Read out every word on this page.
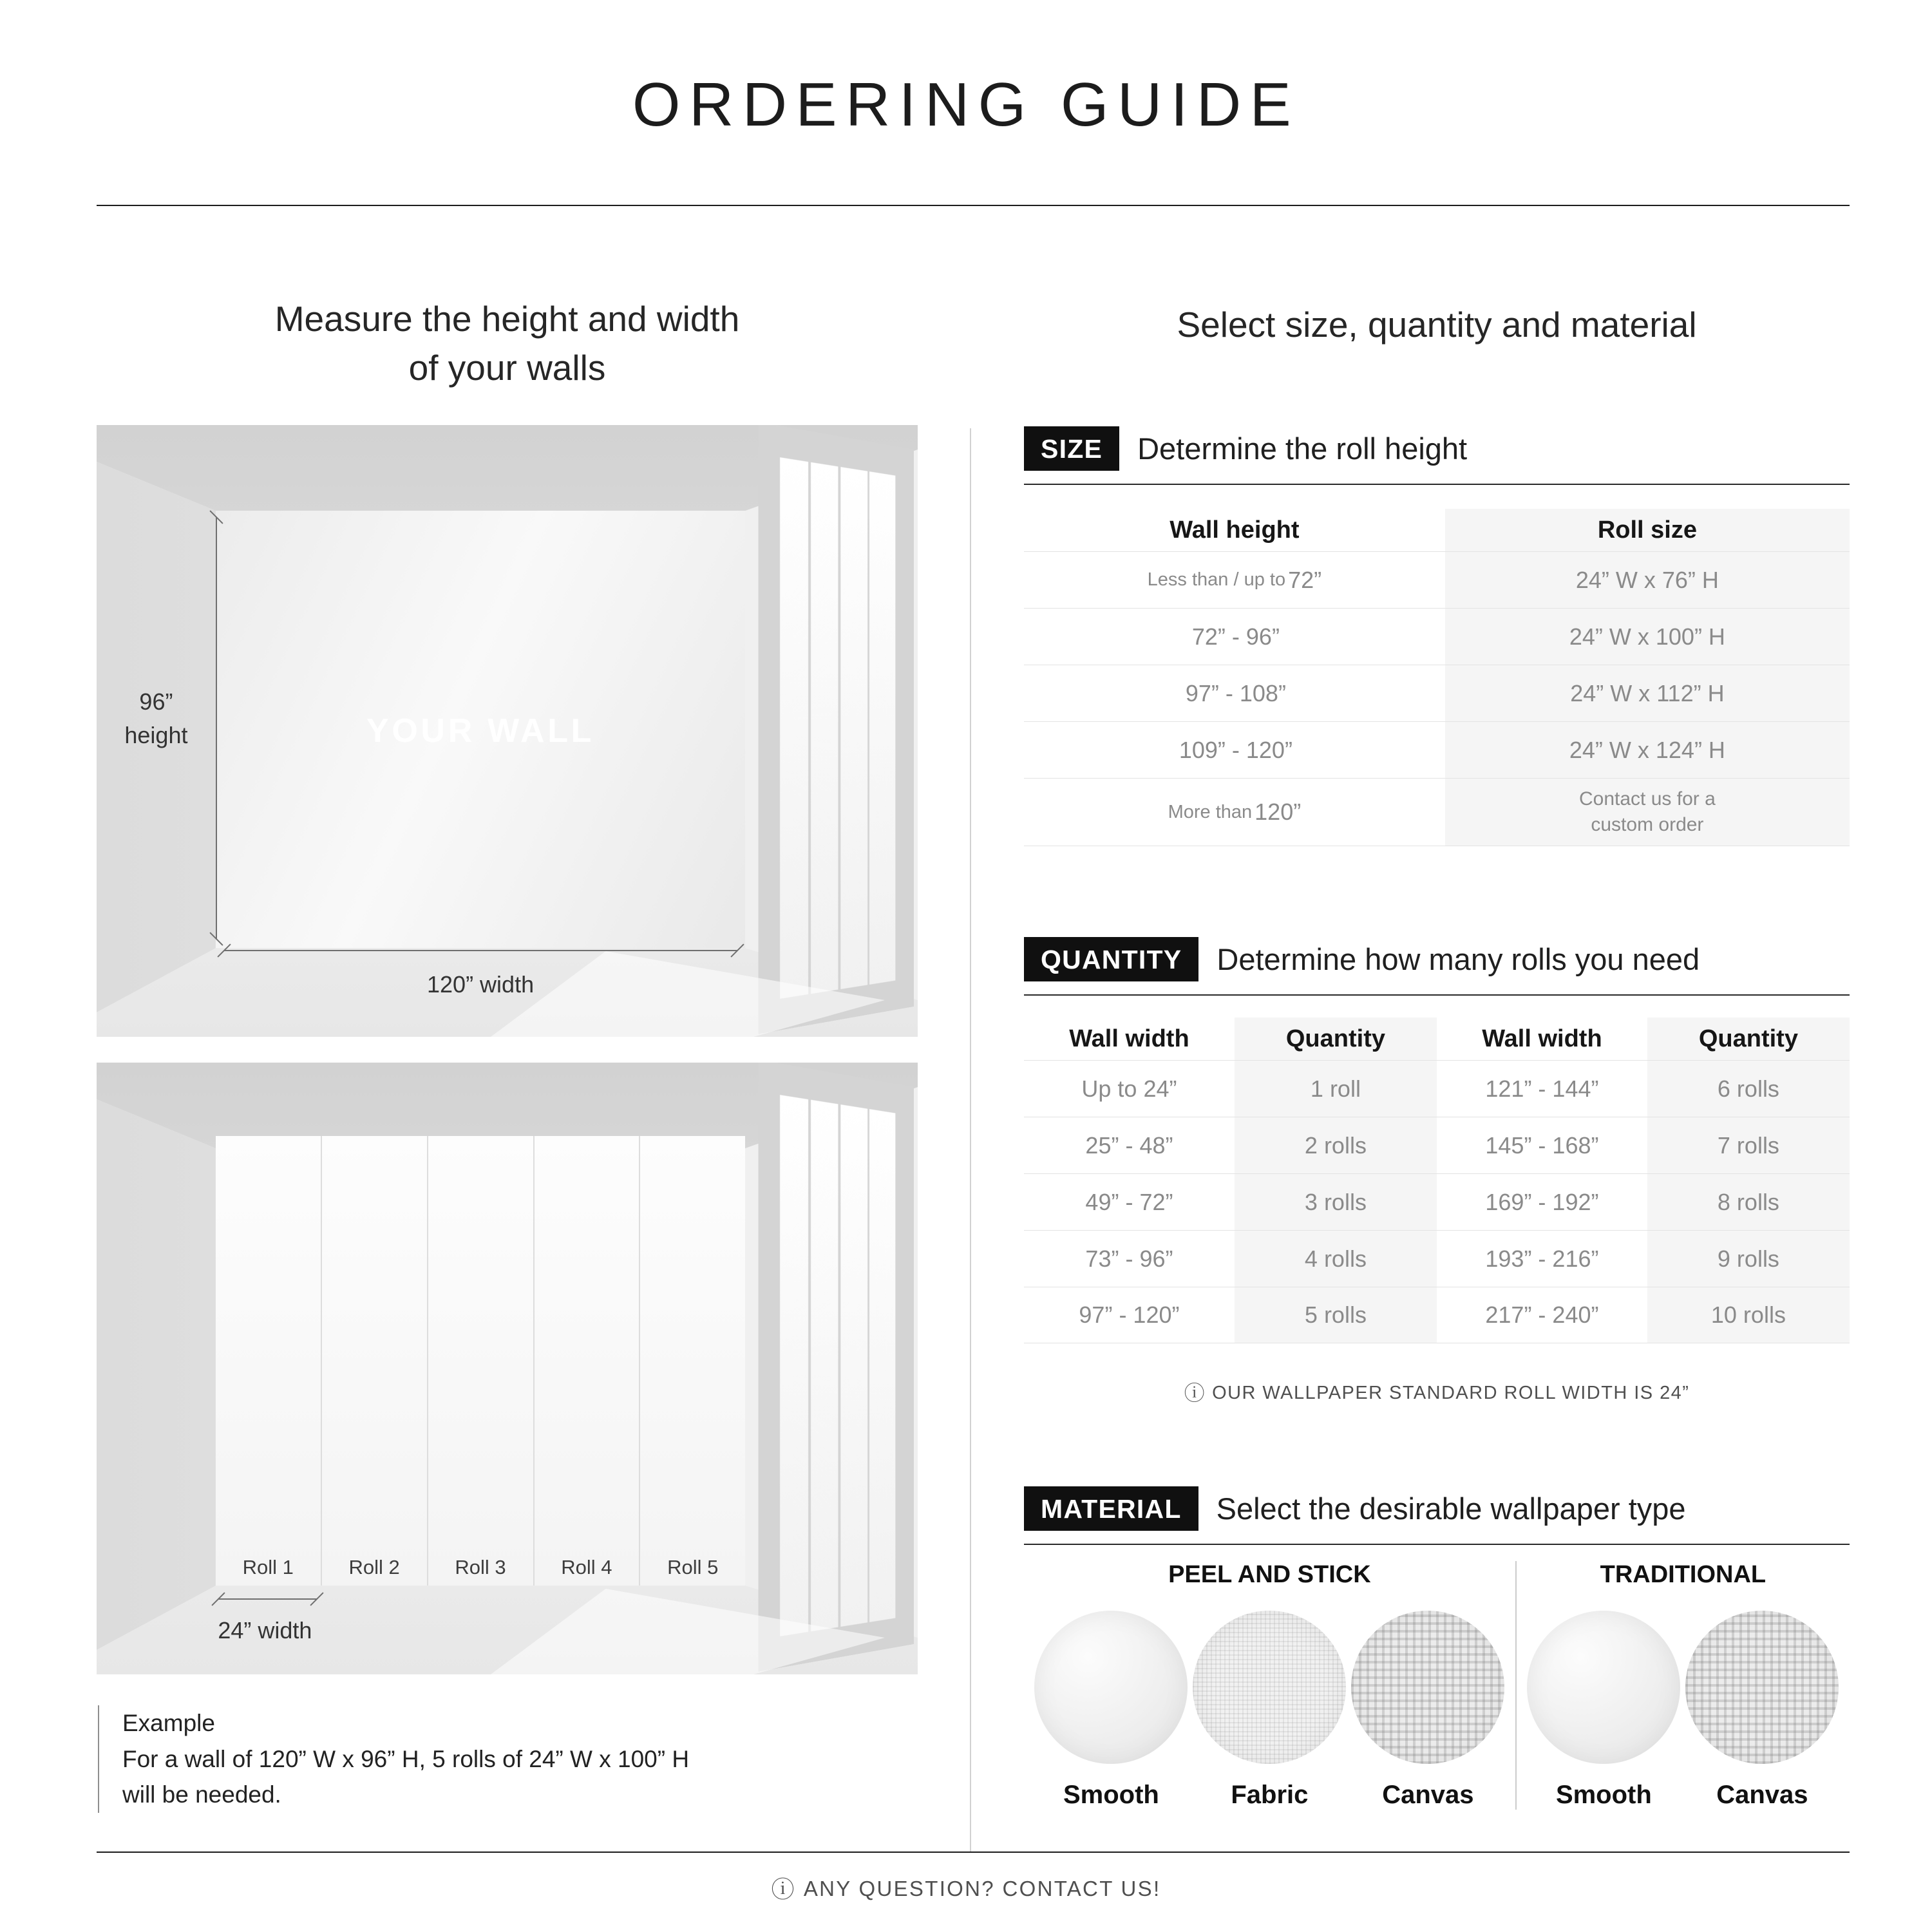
ORDERING GUIDE
Measure the height and width
of your walls
Select size, quantity and material
96”
height	YOUR WALL
120” width
Roll 1	Roll 2	Roll 3	Roll 4	Roll 5
24” width
Example
For a wall of 120” W x 96” H, 5 rolls of 24” W x 100” H
will be needed.
SIZE	Determine the roll height
Wall height	Roll size
Less than / up to 72”	24” W x 76” H
72” - 96”	24” W x 100” H
97” - 108”	24” W x 112” H
109” - 120”	24” W x 124” H
More than 120”	Contact us for a
custom order
QUANTITY	Determine how many rolls you need
Wall width	Quantity	Wall width	Quantity
Up to 24”	1 roll	121” - 144”	6 rolls
25” - 48”	2 rolls	145” - 168”	7 rolls
49” - 72”	3 rolls	169” - 192”	8 rolls
73” - 96”	4 rolls	193” - 216”	9 rolls
97” - 120”	5 rolls	217” - 240”	10 rolls
ⓘ OUR WALLPAPER STANDARD ROLL WIDTH IS 24”
MATERIAL	Select the desirable wallpaper type
PEEL AND STICK
Smooth	Fabric	Canvas
TRADITIONAL
Smooth	Canvas
ⓘ ANY QUESTION? CONTACT US!
